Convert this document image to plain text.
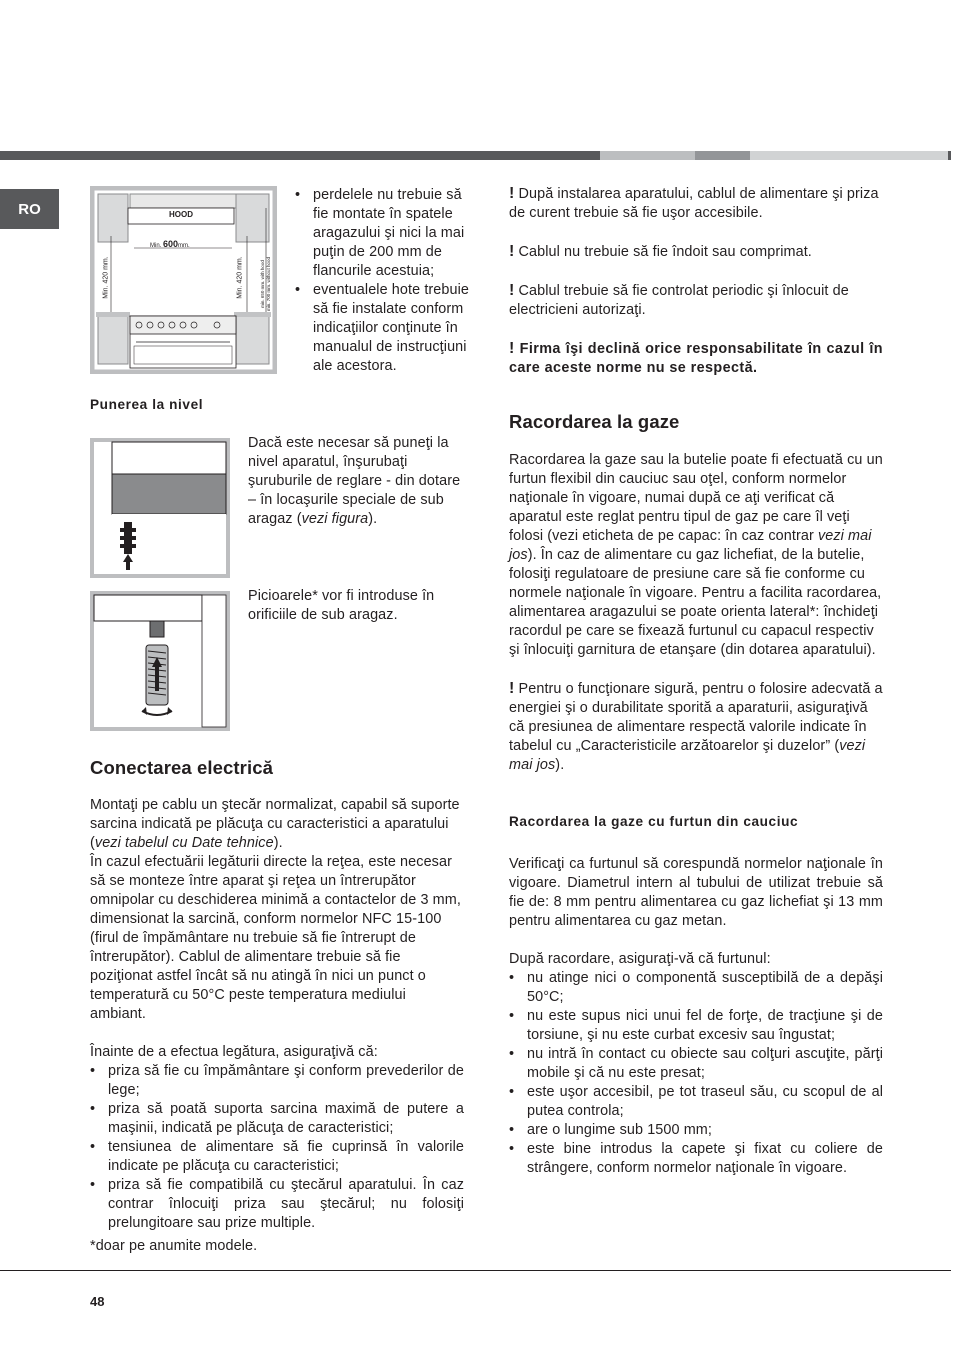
RO	HOOD
Min. 600mm.
Min. 420 mm.	Min. 420 mm.	min. 650 mm. with hood min. 700 mm. without hood
• perdelele nu trebuie să fie montate în spatele aragazului şi nici la mai puţin de 200 mm de flancurile acestuia;
• eventualele hote trebuie să fie instalate conform indicaţiilor conţinute în manualul de instrucţiuni ale acestora.
Punerea la nivel
Dacă este necesar să puneţi la nivel aparatul, înşurubaţi şuruburile de reglare - din dotare – în locaşurile speciale de sub aragaz (vezi figura).
Picioarele* vor fi introduse în orificiile de sub aragaz.
Conectarea electrică

Montaţi pe cablu un ştecăr normalizat, capabil să suporte sarcina indicată pe plăcuţa cu caracteristici a aparatului (vezi tabelul cu Date tehnice).

În cazul efectuării legăturii directe la reţea, este necesar să se monteze între aparat şi reţea un întrerupător omnipolar cu deschiderea minimă a contactelor de 3 mm, dimensionat la sarcină, conform normelor NFC 15-100 (firul de împământare nu trebuie să fie întrerupt de întrerupător). Cablul de alimentare trebuie să fie poziţionat astfel încât să nu atingă în nici un punct o temperatură cu 50°C peste temperatura mediului ambiant.

Înainte de a efectua legătura, asiguraţivă că:

• priza să fie cu împământare şi conform prevederilor de lege;
• priza să poată suporta sarcina maximă de putere a maşinii, indicată pe plăcuţa de caracteristici;
• tensiunea de alimentare să fie cuprinsă în valorile indicate pe plăcuţa cu caracteristici;
• priza să fie compatibilă cu ştecărul aparatului. În caz contrar înlocuiţi priza sau ştecărul; nu folosiţi prelungitoare sau prize multiple.

*doar pe anumite modele.

! După instalarea aparatului, cablul de alimentare şi priza de curent trebuie să fie uşor accesibile.

! Cablul nu trebuie să fie îndoit sau comprimat.

! Cablul trebuie să fie controlat periodic şi înlocuit de electricieni autorizaţi.

! Firma îşi declină orice responsabilitate în cazul în care aceste norme nu se respectă.

Racordarea la gaze

Racordarea la gaze sau la butelie poate fi efectuată cu un furtun flexibil din cauciuc sau oţel, conform normelor naţionale în vigoare, numai după ce aţi verificat că aparatul este reglat pentru tipul de gaz pe care îl veţi folosi (vezi eticheta de pe capac: în caz contrar vezi mai jos). În caz de alimentare cu gaz lichefiat, de la butelie, folosiţi regulatoare de presiune care să fie conforme cu normele naţionale în vigoare. Pentru a facilita racordarea, alimentarea aragazului se poate orienta lateral*: închideţi racordul pe care se fixează furtunul cu capacul respectiv şi înlocuiţi garnitura de etanşare (din dotarea aparatului).

! Pentru o funcţionare sigură, pentru o folosire adecvată a energiei şi o durabilitate sporită a aparaturii, asiguraţivă că presiunea de alimentare respectă valorile indicate în tabelul cu „Caracteristicile arzătoarelor şi duzelor” (vezi mai jos).

Racordarea la gaze cu furtun din cauciuc

Verificaţi ca furtunul să corespundă normelor naţionale în vigoare. Diametrul intern al tubului de utilizat trebuie să fie de: 8 mm pentru alimentarea cu gaz lichefiat şi 13 mm pentru alimentarea cu gaz metan.

După racordare, asiguraţi-vă că furtunul:

• nu atinge nici o componentă susceptibilă de a depăşi 50°C;
• nu este supus nici unui fel de forţe, de tracţiune şi de torsiune, şi nu este curbat excesiv sau îngustat;
• nu intră în contact cu obiecte sau colţuri ascuţite, părţi mobile şi că nu este presat;
• este uşor accesibil, pe tot traseul său, cu scopul de al putea controla;
• are o lungime sub 1500 mm;
• este bine introdus la capete şi fixat cu coliere de strângere, conform normelor naţionale în vigoare.
48
